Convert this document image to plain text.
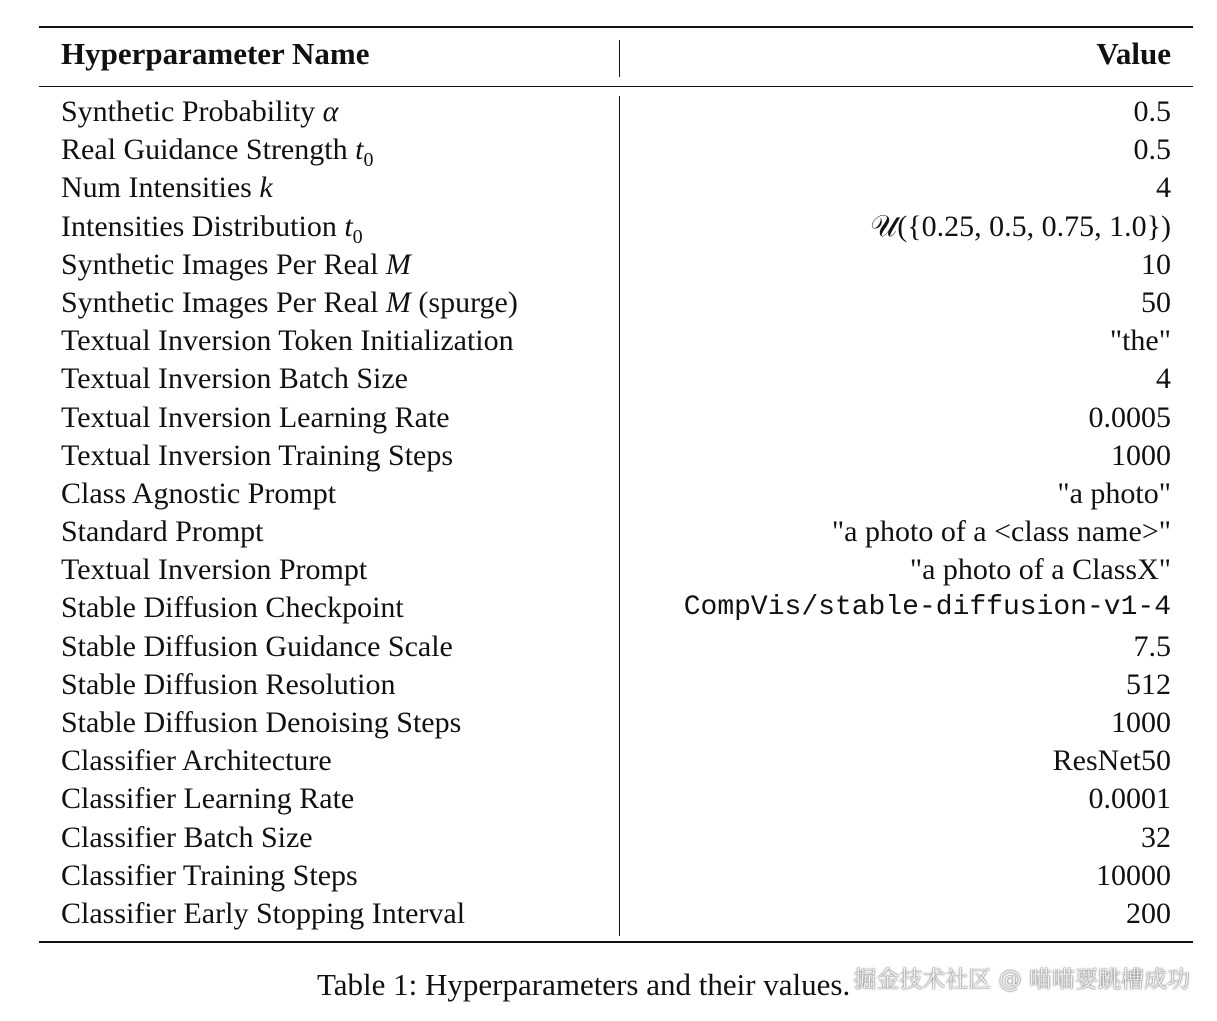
Hyperparameter Name	Value
Synthetic Probability α	0.5
Real Guidance Strength $t_0$	0.5
Num Intensities k	4
Intensities Distribution $t_0$	𝒰({0.25, 0.5, 0.75, 1.0})
Synthetic Images Per Real M	10
Synthetic Images Per Real M (spurge)	50
Textual Inversion Token Initialization	"the"
Textual Inversion Batch Size	4
Textual Inversion Learning Rate	0.0005
Textual Inversion Training Steps	1000
Class Agnostic Prompt	"a photo"
Standard Prompt	"a photo of a <class name>"
Textual Inversion Prompt	"a photo of a ClassX"
Stable Diffusion Checkpoint	CompVis/stable-diffusion-v1-4
Stable Diffusion Guidance Scale	7.5
Stable Diffusion Resolution	512
Stable Diffusion Denoising Steps	1000
Classifier Architecture	ResNet50
Classifier Learning Rate	0.0001
Classifier Batch Size	32
Classifier Training Steps	10000
Classifier Early Stopping Interval	200
Table 1: Hyperparameters and their values. 掘金技术社区 @ 喵喵要跳槽成功
